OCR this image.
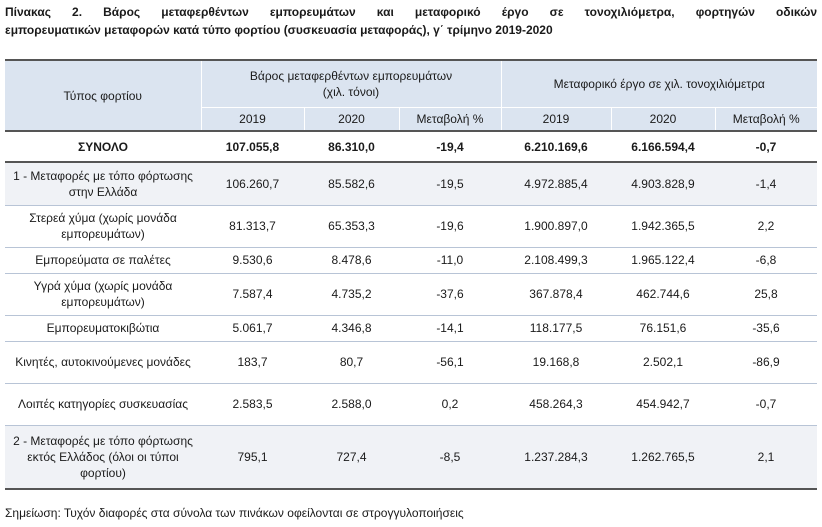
Πίνακας 2. Βάρος μεταφερθέντων εμπορευμάτων και μεταφορικό έργο σε τονοχιλιόμετρα, φορτηγών οδικών
εμπορευματικών μεταφορών κατά τύπο φορτίου (συσκευασία μεταφοράς), γ΄ τρίμηνο 2019-2020
Τύπος φορτίου	Βάρος μεταφερθέντων εμπορευμάτων
(χιλ. τόνοι)			Μεταφορικό έργο σε χιλ. τονοχιλιόμετρα		
	2019	2020	Μεταβολή %	2019	2020	Μεταβολή %
ΣΥΝΟΛΟ	107.055,8	86.310,0	-19,4	6.210.169,6	6.166.594,4	-0,7
1 - Μεταφορές με τόπο φόρτωσης στην Ελλάδα	106.260,7	85.582,6	-19,5	4.972.885,4	4.903.828,9	-1,4
Στερεά χύμα (χωρίς μονάδα εμπορευμάτων)	81.313,7	65.353,3	-19,6	1.900.897,0	1.942.365,5	2,2
Εμπορεύματα σε παλέτες	9.530,6	8.478,6	-11,0	2.108.499,3	1.965.122,4	-6,8
Υγρά χύμα (χωρίς μονάδα εμπορευμάτων)	7.587,4	4.735,2	-37,6	367.878,4	462.744,6	25,8
Εμπορευματοκιβώτια	5.061,7	4.346,8	-14,1	118.177,5	76.151,6	-35,6
Κινητές, αυτοκινούμενες μονάδες	183,7	80,7	-56,1	19.168,8	2.502,1	-86,9
Λοιπές κατηγορίες συσκευασίας	2.583,5	2.588,0	0,2	458.264,3	454.942,7	-0,7
2 - Μεταφορές με τόπο φόρτωσης εκτός Ελλάδος (όλοι οι τύποι φορτίου)	795,1	727,4	-8,5	1.237.284,3	1.262.765,5	2,1
Σημείωση: Τυχόν διαφορές στα σύνολα των πινάκων οφείλονται σε στρογγυλοποιήσεις
